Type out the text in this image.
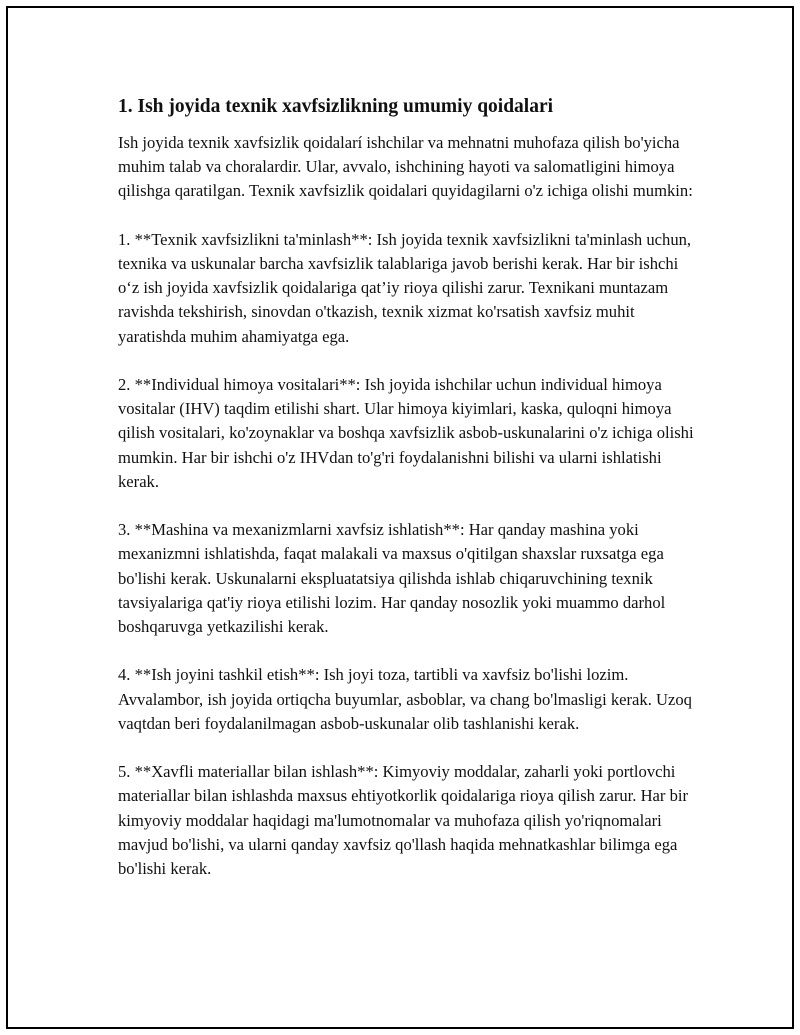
1. Ish joyida texnik xavfsizlikning umumiy qoidalari

Ish joyida texnik xavfsizlik qoidalarí ishchilar va mehnatni muhofaza qilish bo'yicha muhim talab va choralardir. Ular, avvalo, ishchining hayoti va salomatligini himoya qilishga qaratilgan. Texnik xavfsizlik qoidalari quyidagilarni o'z ichiga olishi mumkin:

1. **Texnik xavfsizlikni ta'minlash**: Ish joyida texnik xavfsizlikni ta'minlash uchun, texnika va uskunalar barcha xavfsizlik talablariga javob berishi kerak. Har bir ishchi o‘z ish joyida xavfsizlik qoidalariga qat’iy rioya qilishi zarur. Texnikani muntazam ravishda tekshirish, sinovdan o'tkazish, texnik xizmat ko'rsatish xavfsiz muhit yaratishda muhim ahamiyatga ega.

2. **Individual himoya vositalari**: Ish joyida ishchilar uchun individual himoya vositalar (IHV) taqdim etilishi shart. Ular himoya kiyimlari, kaska, quloqni himoya qilish vositalari, ko'zoynaklar va boshqa xavfsizlik asbob-uskunalarini o'z ichiga olishi mumkin. Har bir ishchi o'z IHVdan to'g'ri foydalanishni bilishi va ularni ishlatishi kerak.

3. **Mashina va mexanizmlarni xavfsiz ishlatish**: Har qanday mashina yoki mexanizmni ishlatishda, faqat malakali va maxsus o'qitilgan shaxslar ruxsatga ega bo'lishi kerak. Uskunalarni ekspluatatsiya qilishda ishlab chiqaruvchining texnik tavsiyalariga qat'iy rioya etilishi lozim. Har qanday nosozlik yoki muammo darhol boshqaruvga yetkazilishi kerak.

4. **Ish joyini tashkil etish**: Ish joyi toza, tartibli va xavfsiz bo'lishi lozim. Avvalambor, ish joyida ortiqcha buyumlar, asboblar, va chang bo'lmasligi kerak. Uzoq vaqtdan beri foydalanilmagan asbob-uskunalar olib tashlanishi kerak.

5. **Xavfli materiallar bilan ishlash**: Kimyoviy moddalar, zaharli yoki portlovchi materiallar bilan ishlashda maxsus ehtiyotkorlik qoidalariga rioya qilish zarur. Har bir kimyoviy moddalar haqidagi ma'lumotnomalar va muhofaza qilish yo'riqnomalari mavjud bo'lishi, va ularni qanday xavfsiz qo'llash haqida mehnatkashlar bilimga ega bo'lishi kerak.
